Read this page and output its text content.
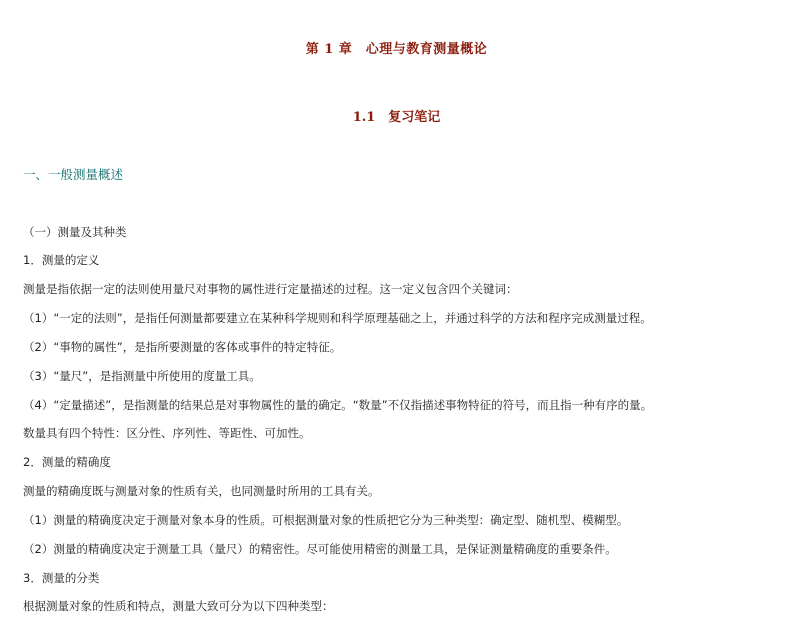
第 1 章　心理与教育测量概论
1.1　复习笔记
一、一般测量概述
（一）测量及其种类
1．测量的定义
测量是指依据一定的法则使用量尺对事物的属性进行定量描述的过程。这一定义包含四个关键词：
（1）“一定的法则”，是指任何测量都要建立在某种科学规则和科学原理基础之上，并通过科学的方法和程序完成测量过程。
（2）“事物的属性”，是指所要测量的客体或事件的特定特征。
（3）“量尺”，是指测量中所使用的度量工具。
（4）“定量描述”，是指测量的结果总是对事物属性的量的确定。“数量”不仅指描述事物特征的符号，而且指一种有序的量。
数量具有四个特性：区分性、序列性、等距性、可加性。
2．测量的精确度
测量的精确度既与测量对象的性质有关，也同测量时所用的工具有关。
（1）测量的精确度决定于测量对象本身的性质。可根据测量对象的性质把它分为三种类型：确定型、随机型、模糊型。
（2）测量的精确度决定于测量工具（量尺）的精密性。尽可能使用精密的测量工具，是保证测量精确度的重要条件。
3．测量的分类
根据测量对象的性质和特点，测量大致可分为以下四种类型：
